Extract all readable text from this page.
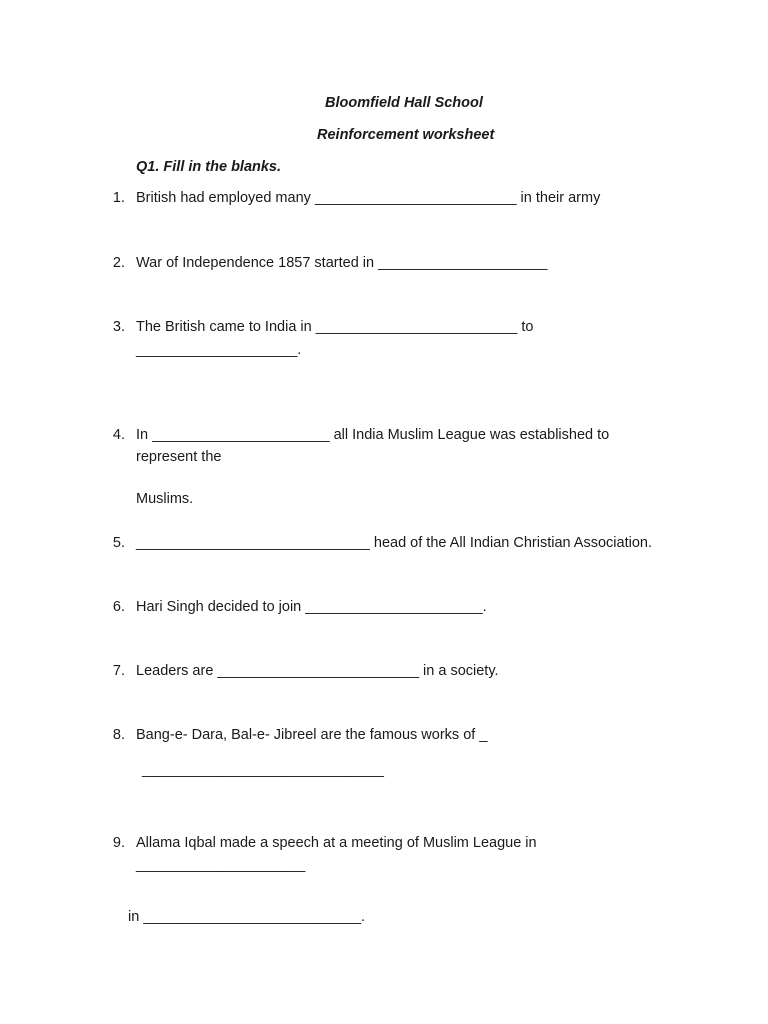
Bloomfield Hall School
Reinforcement worksheet
Q1. Fill in the blanks.
1. British had employed many _________________________ in their army
2. War of Independence 1857 started in _____________________
3. The British came to India in _________________________ to
____________________.
4. In ______________________ all India Muslim League was established to
represent the
Muslims.
5. _____________________________ head of the All Indian Christian Association.
6. Hari Singh decided to join ______________________.
7. Leaders are _________________________ in a society.
8. Bang-e- Dara, Bal-e- Jibreel are the famous works of _
______________________________
9. Allama Iqbal made a speech at a meeting of Muslim League in
_____________________
in ___________________________.
